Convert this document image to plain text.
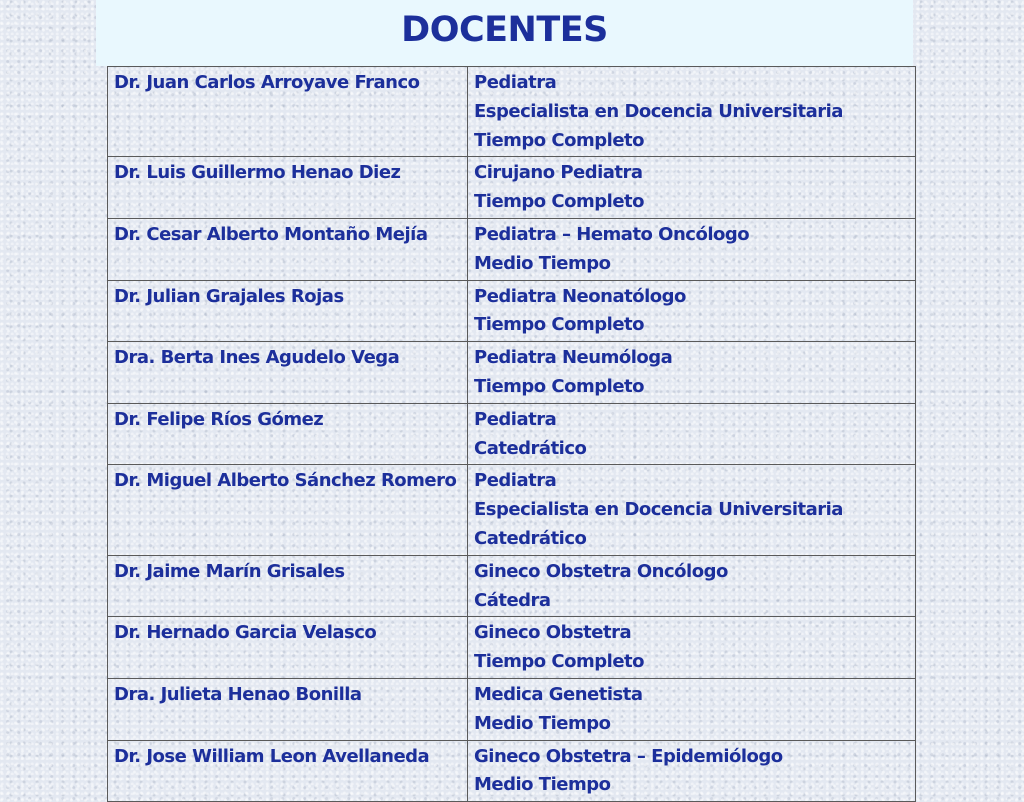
DOCENTES
Dr. Juan Carlos Arroyave Franco	Pediatra
Especialista en Docencia Universitaria
Tiempo Completo

Dr. Luis Guillermo Henao Diez	Cirujano Pediatra
Tiempo Completo

Dr. Cesar Alberto Montaño Mejía	Pediatra – Hemato Oncólogo
Medio Tiempo

Dr. Julian Grajales Rojas	Pediatra Neonatólogo
Tiempo Completo

Dra. Berta Ines Agudelo Vega	Pediatra Neumóloga
Tiempo Completo

Dr. Felipe Ríos Gómez	Pediatra
Catedrático

Dr. Miguel Alberto Sánchez Romero	Pediatra
Especialista en Docencia Universitaria
Catedrático

Dr. Jaime Marín Grisales	Gineco Obstetra Oncólogo
Cátedra

Dr. Hernado Garcia Velasco	Gineco Obstetra
Tiempo Completo

Dra. Julieta Henao Bonilla	Medica Genetista
Medio Tiempo

Dr. Jose William Leon Avellaneda	Gineco Obstetra – Epidemiólogo
Medio Tiempo
